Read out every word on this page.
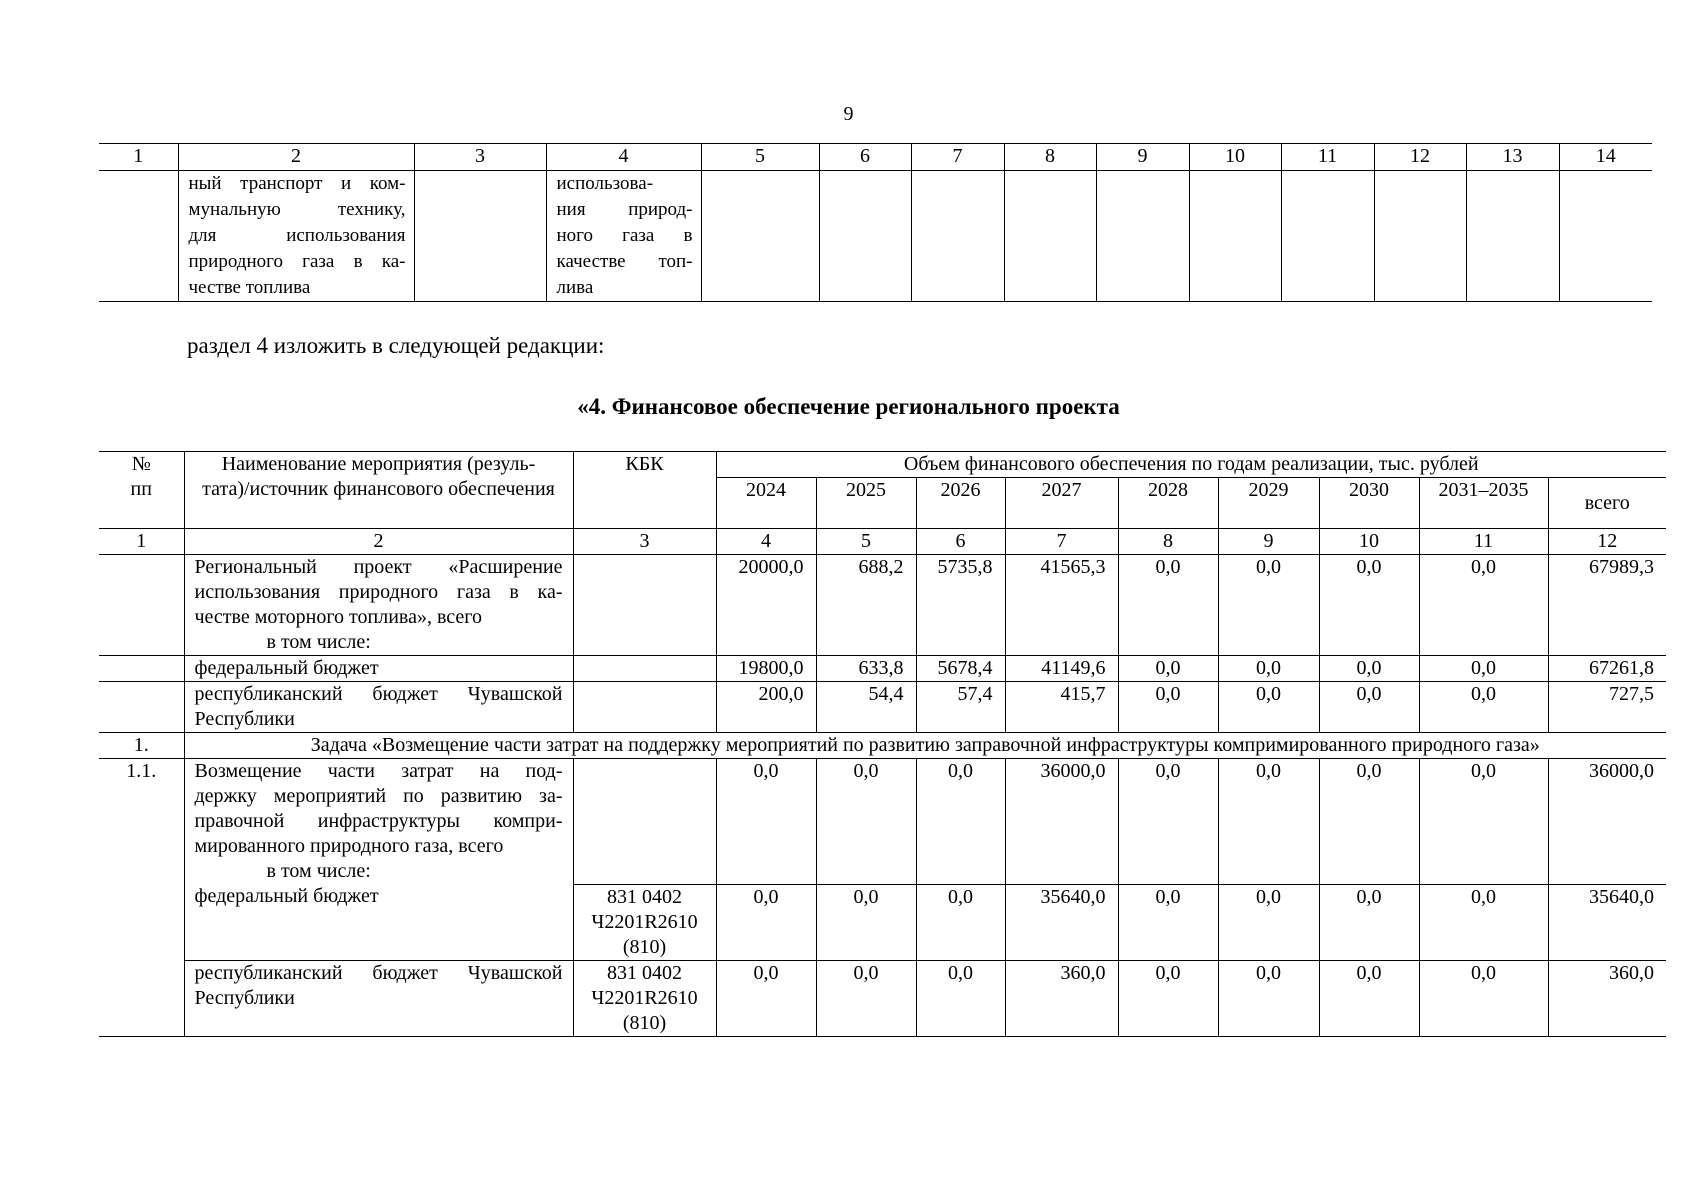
9
1	2	3	4	5	6	7	8	9	10	11	12	13	14

	ный транспорт и ком-
мунальную технику,
для использования
природного газа в ка-
честве топлива		использова-
ния природ-
ного газа в
качестве топ-
лива										

раздел 4 изложить в следующей редакции:
«4. Финансовое обеспечение регионального проекта
№ пп	Наименование мероприятия (резуль-тата)/источник финансового обеспечения	КБК	Объем финансового обеспечения по годам реализации, тыс. рублей								
			2024	2025	2026	2027	2028	2029	2030	2031–2035	всего
1	2	3	4	5	6	7	8	9	10	11	12

	Региональный проект «Расширение
использования природного газа в ка-
честве моторного топлива», всего
в том числе:		20000,0	688,2	5735,8	41565,3	0,0	0,0	0,0	0,0	67989,3

	федеральный бюджет		19800,0	633,8	5678,4	41149,6	0,0	0,0	0,0	0,0	67261,8

	республиканский бюджет Чувашской
Республики		200,0	54,4	57,4	415,7	0,0	0,0	0,0	0,0	727,5
1.	Задача «Возмещение части затрат на поддержку мероприятий по развитию заправочной инфраструктуры компримированного природного газа»										
1.1.	Возмещение части затрат на под-
держку мероприятий по развитию за-
правочной инфраструктуры компри-
мированного природного газа, всего
в том числе:		0,0	0,0	0,0	36000,0	0,0	0,0	0,0	0,0	36000,0

	федеральный бюджет	831 0402
Ч2201R2610
(810)	0,0	0,0	0,0	35640,0	0,0	0,0	0,0	0,0	35640,0

	республиканский бюджет Чувашской
Республики	831 0402
Ч2201R2610
(810)	0,0	0,0	0,0	360,0	0,0	0,0	0,0	0,0	360,0
